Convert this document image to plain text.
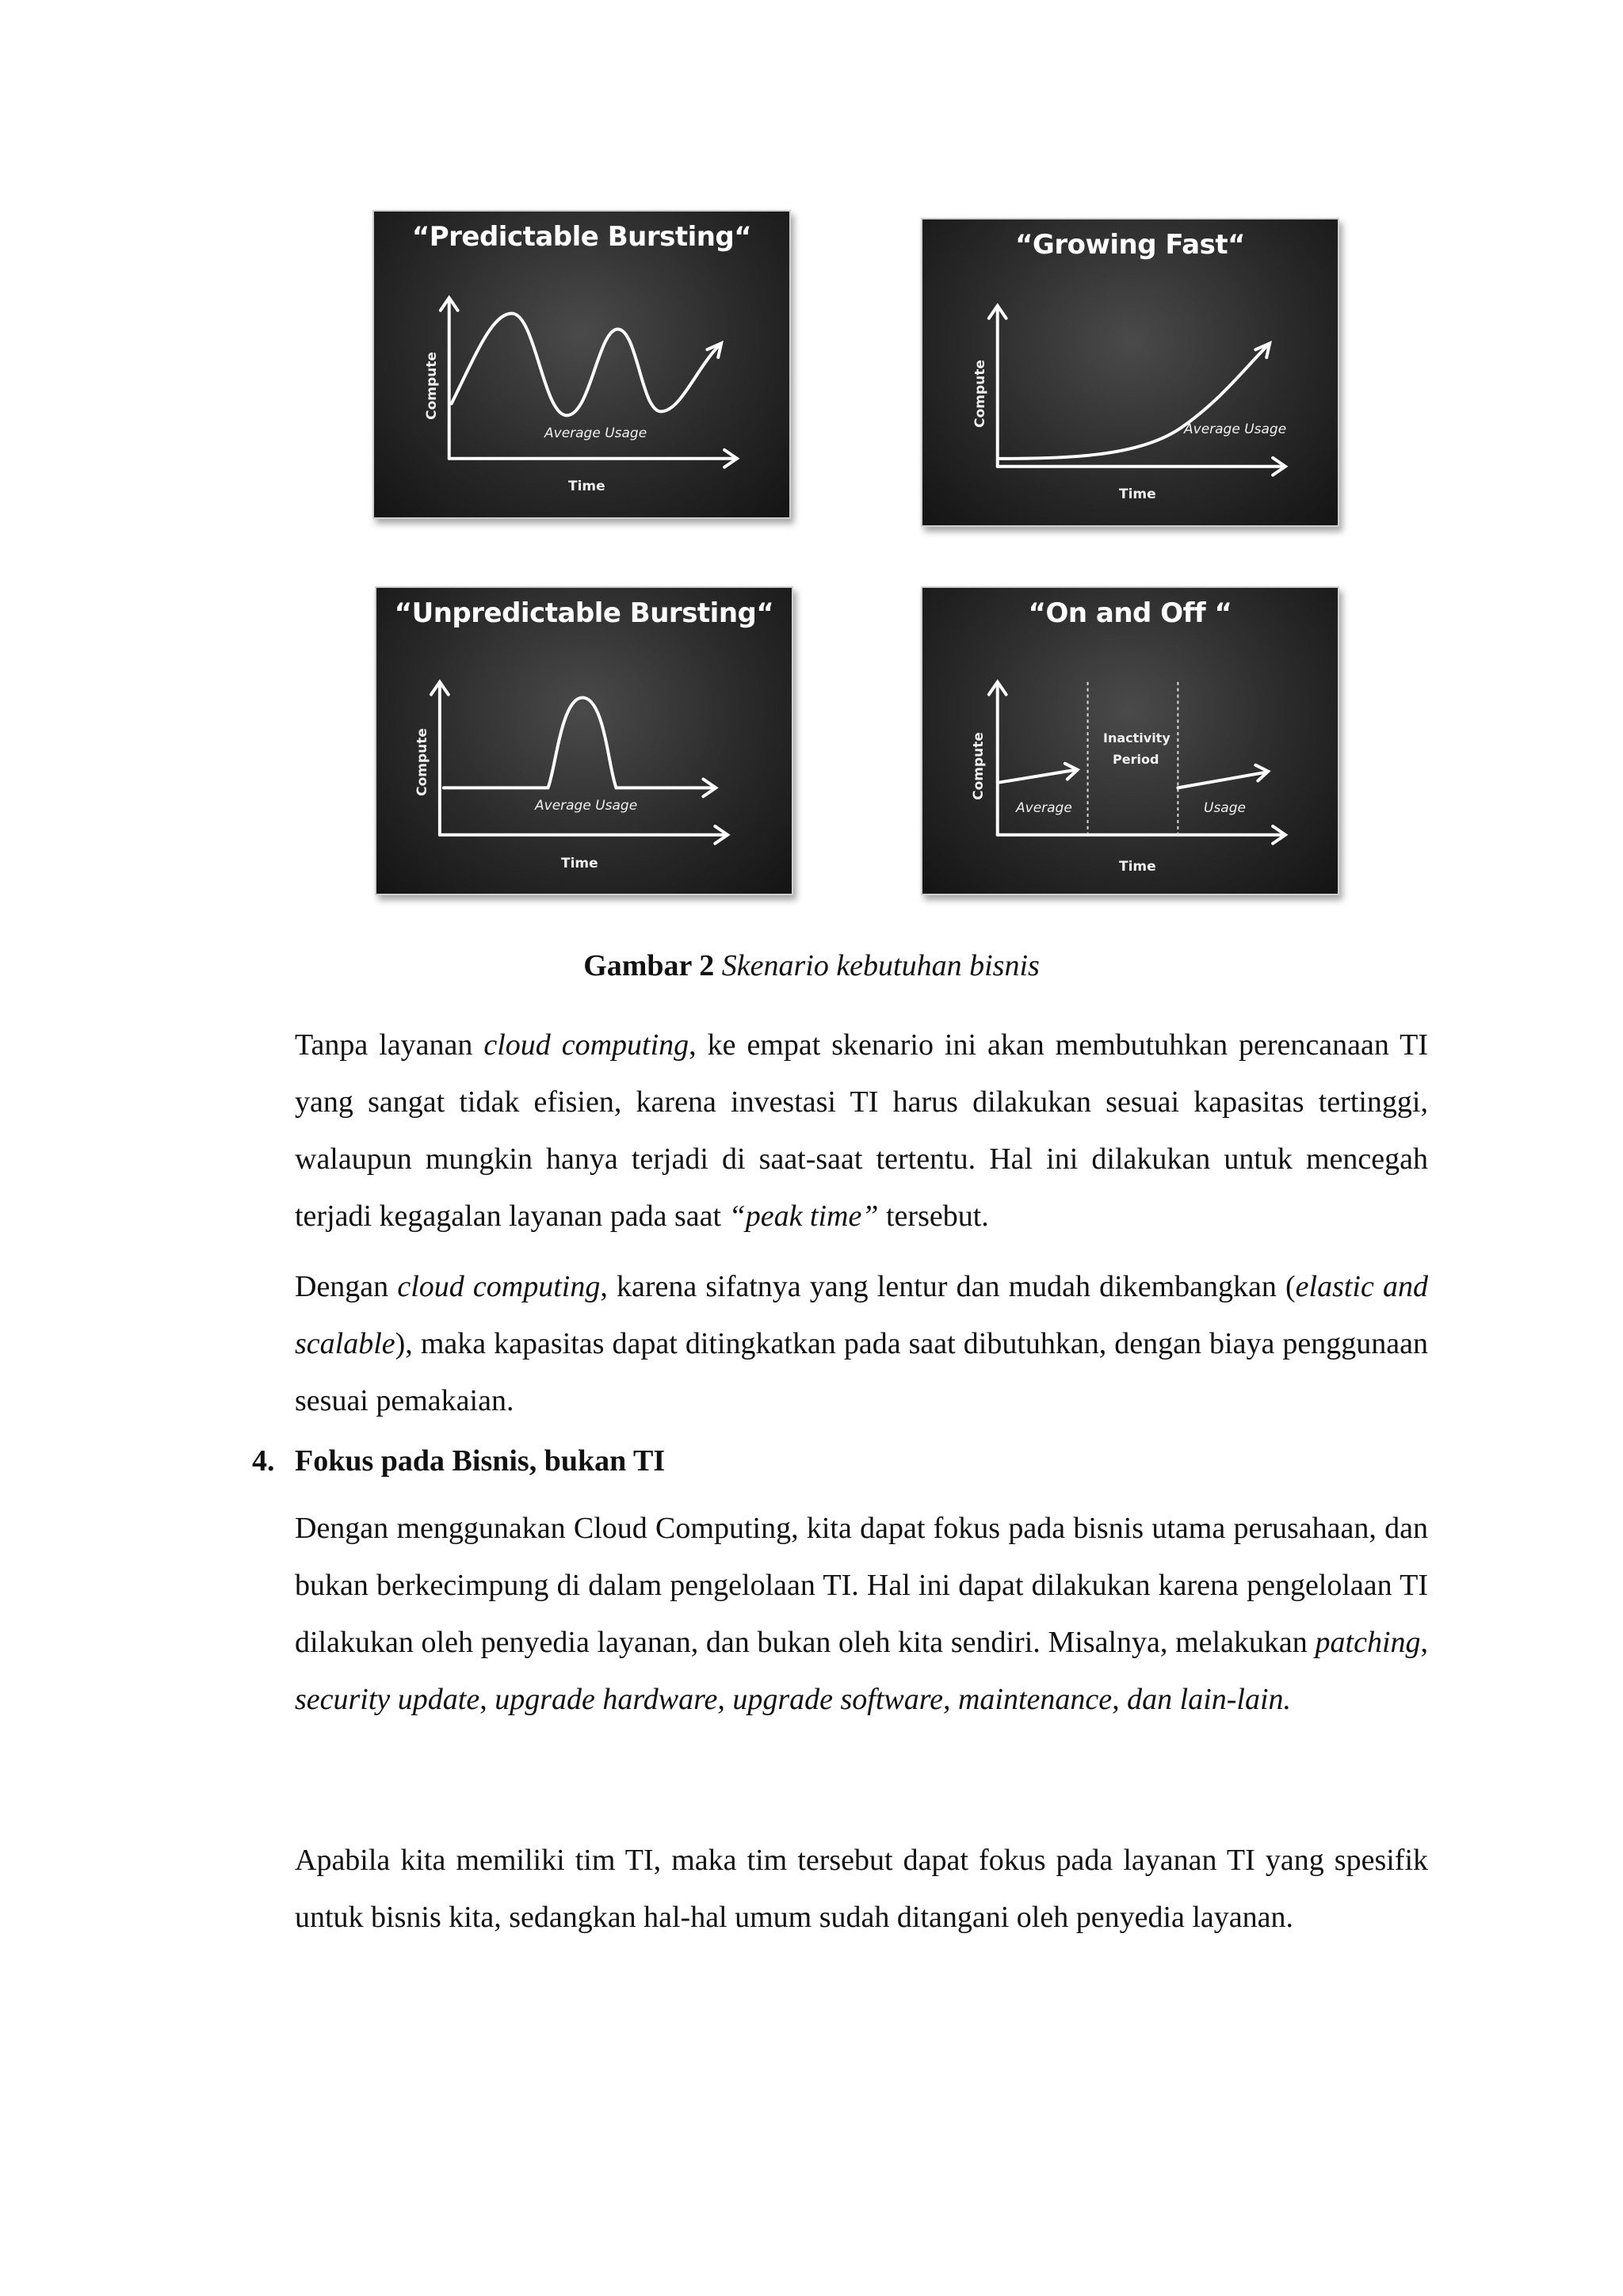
“Predictable Bursting“
Average Usage
Time
Compute
“Growing Fast“
Average Usage
Time
Compute
“Unpredictable Bursting“
Average Usage
Time
Compute
“On and Off “
Inactivity
Period
Average	Usage
Time
Compute
Gambar 2 Skenario kebutuhan bisnis
Tanpa layanan cloud computing, ke empat skenario ini akan membutuhkan perencanaan TI yang sangat tidak efisien, karena investasi TI harus dilakukan sesuai kapasitas tertinggi, walaupun mungkin hanya terjadi di saat-saat tertentu. Hal ini dilakukan untuk mencegah terjadi kegagalan layanan pada saat “peak time” tersebut.
Dengan cloud computing, karena sifatnya yang lentur dan mudah dikembangkan (elastic and scalable), maka kapasitas dapat ditingkatkan pada saat dibutuhkan, dengan biaya penggunaan sesuai pemakaian.
4. Fokus pada Bisnis, bukan TI
Dengan menggunakan Cloud Computing, kita dapat fokus pada bisnis utama perusahaan, dan bukan berkecimpung di dalam pengelolaan TI. Hal ini dapat dilakukan karena pengelolaan TI dilakukan oleh penyedia layanan, dan bukan oleh kita sendiri. Misalnya, melakukan patching, security update, upgrade hardware, upgrade software, maintenance, dan lain-lain.
Apabila kita memiliki tim TI, maka tim tersebut dapat fokus pada layanan TI yang spesifik untuk bisnis kita, sedangkan hal-hal umum sudah ditangani oleh penyedia layanan.
